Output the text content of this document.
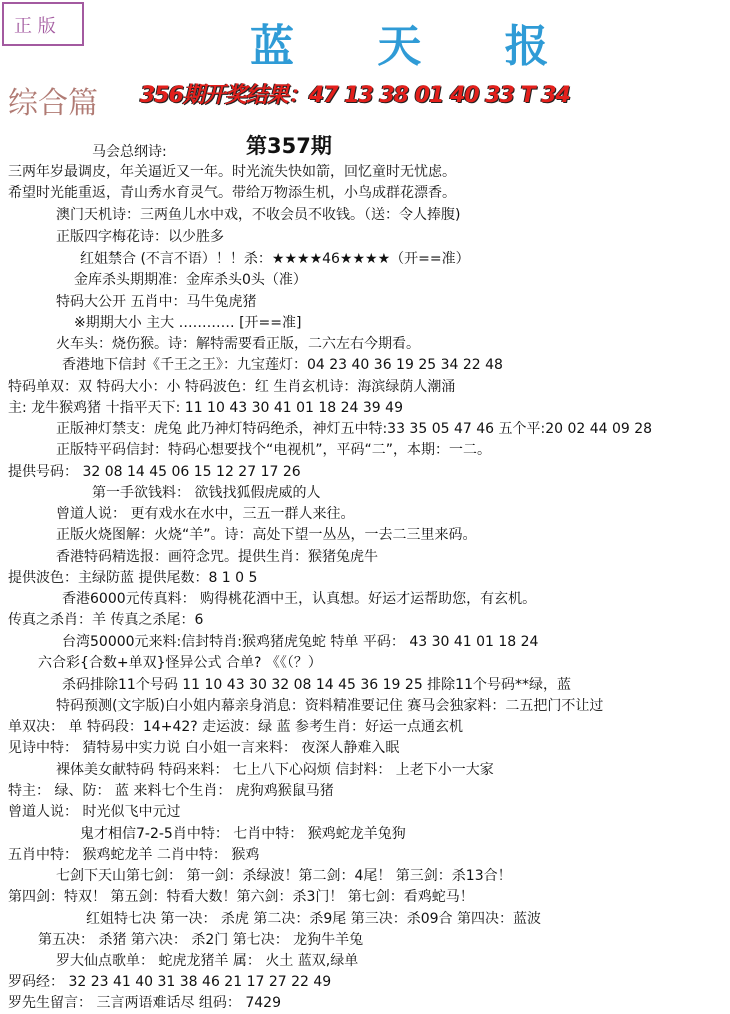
正 版	蓝 天 报
综合篇 356期开奖结果：47 13 38 01 40 33 T 34
第357期
马会总纲诗:
三两年岁最调皮，年关逼近又一年。时光流失快如箭，回忆童时无忧虑。
希望时光能重返，青山秀水育灵气。带给万物添生机，小鸟成群花漂香。
澳门天机诗：三两鱼儿水中戏，不收会员不收钱。（送：令人捧腹)
正版四字梅花诗：以少胜多
红姐禁合 (不言不语）！！杀：★★★★46★★★★（开==准）
金库杀头期期准：金库杀头0头（准）
特码大公开 五肖中：马牛兔虎猪
※期期大小 主大 ………… [开==准]
火车头：烧伤猴。诗：解特需要看正版，二六左右今期看。
香港地下信封《千王之王》：九宝莲灯：04 23 40 36 19 25 34 22 48
特码单双：双 特码大小：小 特码波色：红 生肖玄机诗：海滨绿荫人潮涌
主: 龙牛猴鸡猪 十指平天下: 11 10 43 30 41 01 18 24 39 49
正版神灯禁支：虎兔 此乃神灯特码绝杀，神灯五中特:33 35 05 47 46 五个平:20 02 44 09 28
正版特平码信封：特码心想要找个“电视机”，平码“二”，本期：一二。
提供号码： 32 08 14 45 06 15 12 27 17 26
第一手欲钱料： 欲钱找狐假虎威的人
曾道人说： 更有戏水在水中，三五一群人来往。
正版火烧图解：火烧“羊”。诗：高处下望一丛丛，一去二三里来码。
香港特码精选报：画符念咒。提供生肖：猴猪兔虎牛
提供波色：主绿防蓝 提供尾数：8 1 0 5
香港6000元传真料： 购得桃花酒中王，认真想。好运才运帮助您，有玄机。
传真之杀肖：羊 传真之杀尾：6
台湾50000元来料:信封特肖:猴鸡猪虎兔蛇 特单 平码： 43 30 41 01 18 24
六合彩{合数+单双}怪异公式 合单? 《《（？）
杀码排除11个号码 11 10 43 30 32 08 14 45 36 19 25 排除11个号码**绿，蓝
特码预测(文字版)白小姐内幕亲身消息：资料精准要记住 赛马会独家料：二五把门不让过
单双决： 单 特码段：14+42? 走运波：绿 蓝 参考生肖：好运一点通玄机
见诗中特： 猜特易中实力说 白小姐一言来料： 夜深人静难入眠
裸体美女献特码 特码来料： 七上八下心闷烦 信封料： 上老下小一大家
特主： 绿、防： 蓝 来料七个生肖： 虎狗鸡猴鼠马猪
曾道人说： 时光似飞中元过
鬼才相信7-2-5肖中特： 七肖中特： 猴鸡蛇龙羊兔狗
五肖中特： 猴鸡蛇龙羊 二肖中特： 猴鸡
七剑下天山第七剑： 第一剑：杀绿波！第二剑：4尾！ 第三剑：杀13合！
第四剑：特双！ 第五剑：特看大数！第六剑：杀3门！ 第七剑：看鸡蛇马！
红姐特七决 第一决： 杀虎 第二决：杀9尾 第三决：杀09合 第四决：蓝波
第五决： 杀猪 第六决： 杀2门 第七决： 龙狗牛羊兔
罗大仙点歌单： 蛇虎龙猪羊 属： 火土 蓝双,绿单
罗码经： 32 23 41 40 31 38 46 21 17 27 22 49
罗先生留言： 三言两语难话尽 组码： 7429
